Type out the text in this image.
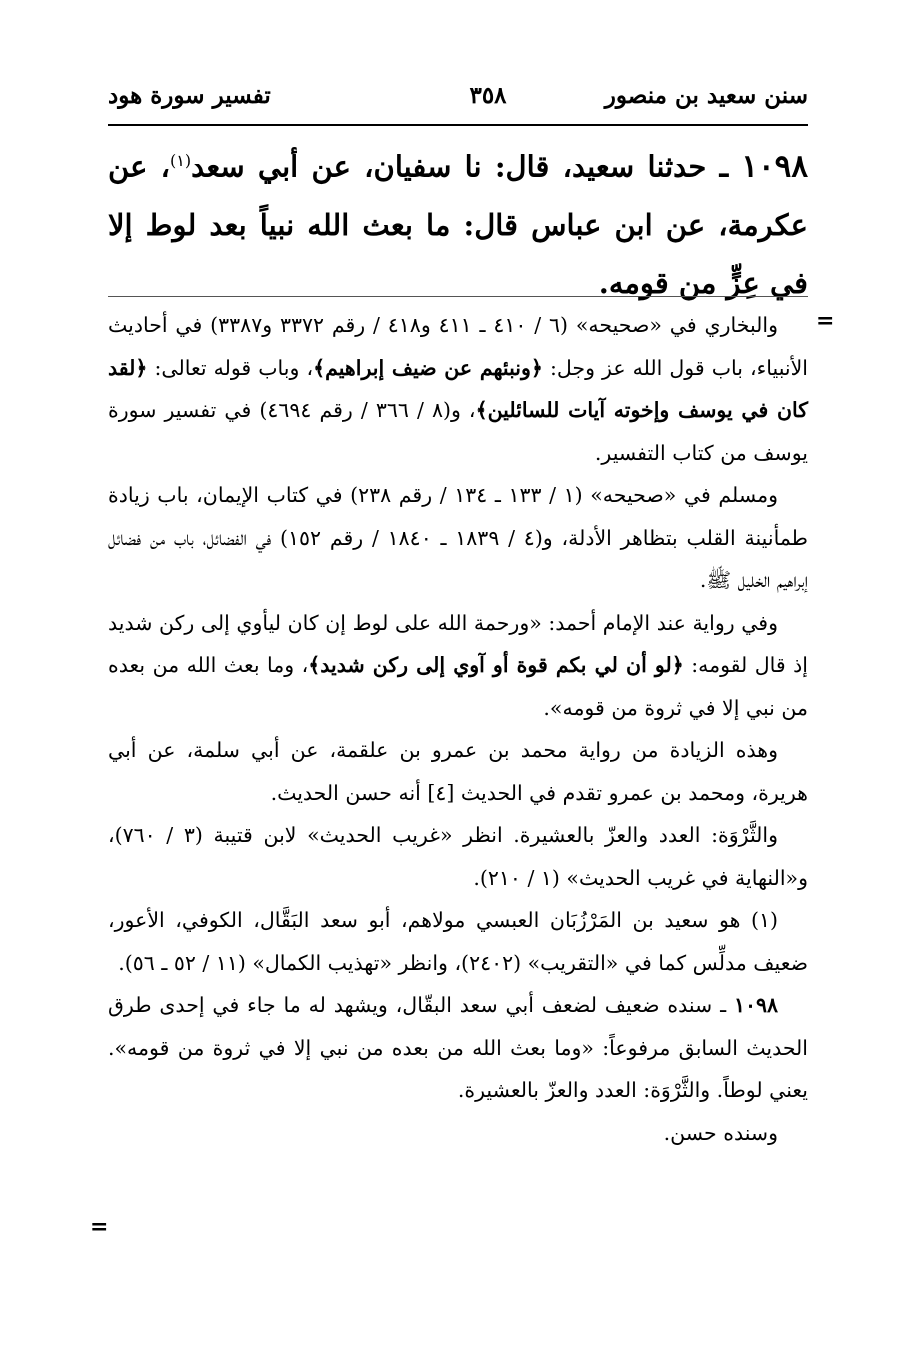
سنن سعيد بن منصور
٣٥٨
تفسير سورة هود
١٠٩٨ ـ حدثنا سعيد، قال: نا سفيان، عن أبي سعد$^{(١)}$، عن عكرمة، عن ابن عباس قال: ما بعث الله نبياً بعد لوط إلا في عِزٍّ من قومه.
=
=

والبخاري في «صحيحه» (٦ / ٤١٠ ـ ٤١١ و٤١٨ / رقم ٣٣٧٢ و٣٣٨٧) في أحاديث الأنبياء، باب قول الله عز وجل: ﴿ونبئهم عن ضيف إبراهيم﴾، وباب قوله تعالى: ﴿لقد كان في يوسف وإخوته آيات للسائلين﴾، و(٨ / ٣٦٦ / رقم ٤٦٩٤) في تفسير سورة يوسف من كتاب التفسير.

ومسلم في «صحيحه» (١ / ١٣٣ ـ ١٣٤ / رقم ٢٣٨) في كتاب الإيمان، باب زيادة طمأنينة القلب بتظاهر الأدلة، و(٤ / ١٨٣٩ ـ ١٨٤٠ / رقم ١٥٢) في الفضائل، باب من فضائل إبراهيم الخليل ﷺ.

وفي رواية عند الإمام أحمد: «ورحمة الله على لوط إن كان ليأوي إلى ركن شديد إذ قال لقومه: ﴿لو أن لي بكم قوة أو آوي إلى ركن شديد﴾، وما بعث الله من بعده من نبي إلا في ثروة من قومه».

وهذه الزيادة من رواية محمد بن عمرو بن علقمة، عن أبي سلمة، عن أبي هريرة، ومحمد بن عمرو تقدم في الحديث [٤] أنه حسن الحديث.

والثَّرْوَة: العدد والعزّ بالعشيرة. انظر «غريب الحديث» لابن قتيبة (٣ / ٧٦٠)، و«النهاية في غريب الحديث» (١ / ٢١٠).

(١) هو سعيد بن المَرْزُبَان العبسي مولاهم، أبو سعد البَقَّال، الكوفي، الأعور، ضعيف مدلِّس كما في «التقريب» (٢٤٠٢)، وانظر «تهذيب الكمال» (١١ / ٥٢ ـ ٥٦).

١٠٩٨ ـ سنده ضعيف لضعف أبي سعد البقّال، ويشهد له ما جاء في إحدى طرق الحديث السابق مرفوعاً: «وما بعث الله من بعده من نبي إلا في ثروة من قومه». يعني لوطاً. والثَّرْوَة: العدد والعزّ بالعشيرة.

وسنده حسن.
